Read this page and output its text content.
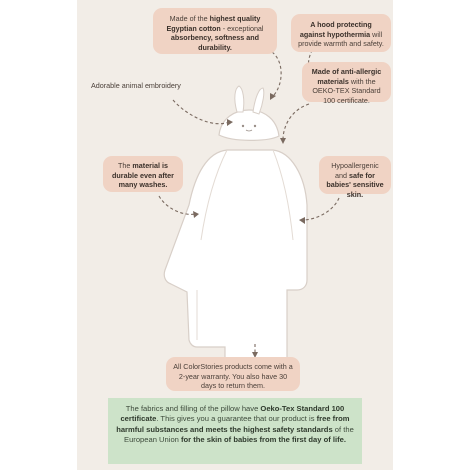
Made of the highest quality Egyptian cotton - exceptional absorbency, softness and durability.
A hood protecting against hypothermia will provide warmth and safety.
Made of anti-allergic materials with the OEKO-TEX Standard 100 certificate.
Adorable animal embroidery
The material is durable even after many washes.
Hypoallergenic and safe for babies' sensitive skin.
All ColorStories products come with a 2-year warranty. You also have 30 days to return them.
The fabrics and filling of the pillow have Oeko-Tex Standard 100 certificate. This gives you a guarantee that our product is free from harmful substances and meets the highest safety standards of the European Union for the skin of babies from the first day of life.
